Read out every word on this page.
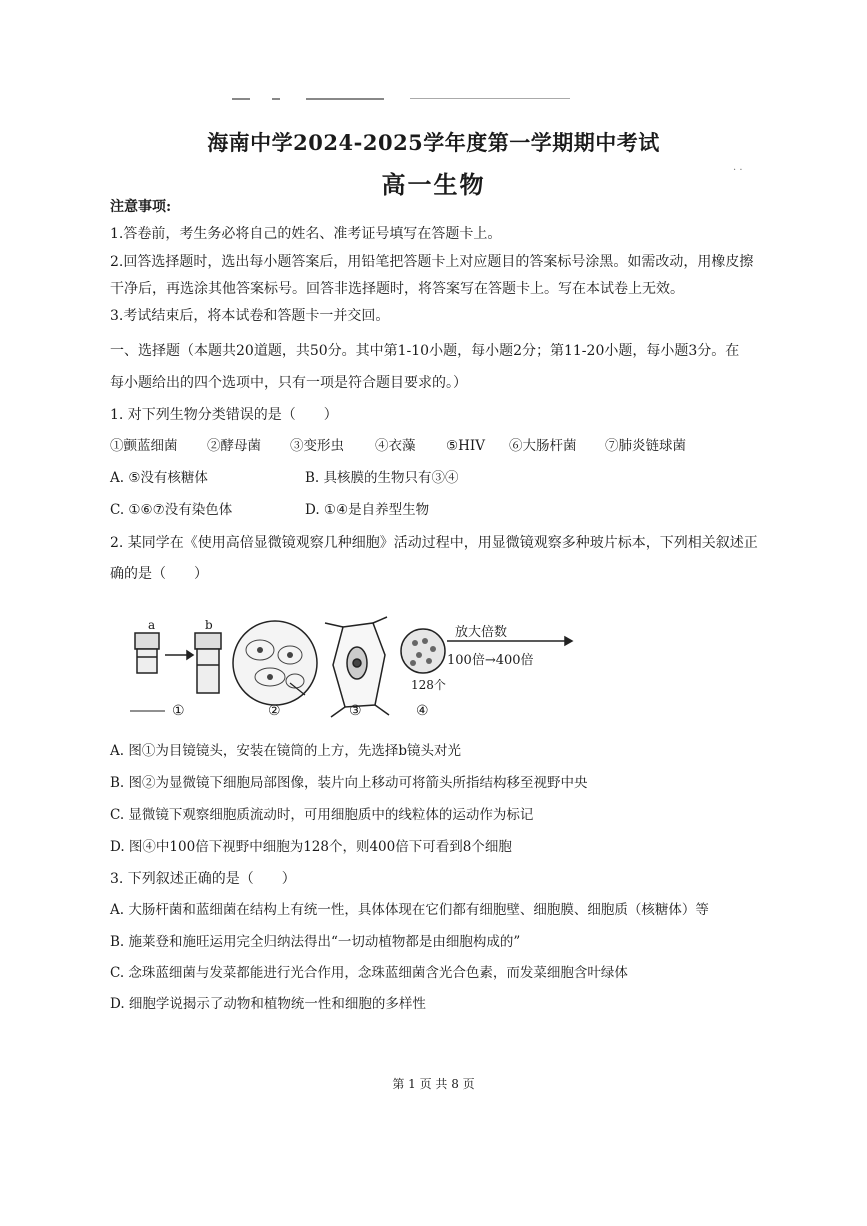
· ·
海南中学2024-2025学年度第一学期期中考试
高一生物
注意事项:
1.答卷前，考生务必将自己的姓名、准考证号填写在答题卡上。
2.回答选择题时，选出每小题答案后，用铅笔把答题卡上对应题目的答案标号涂黑。如需改动，用橡皮擦
干净后，再选涂其他答案标号。回答非选择题时，将答案写在答题卡上。写在本试卷上无效。
3.考试结束后，将本试卷和答题卡一并交回。
一、选择题（本题共20道题，共50分。其中第1-10小题，每小题2分；第11-20小题，每小题3分。在
每小题给出的四个选项中，只有一项是符合题目要求的。）
1. 对下列生物分类错误的是（　　）
①颤蓝细菌 ②酵母菌 ③变形虫 ④衣藻 ⑤HIV ⑥大肠杆菌 ⑦肺炎链球菌
A. ⑤没有核糖体	B. 具核膜的生物只有③④
C. ①⑥⑦没有染色体	D. ①④是自养型生物
2. 某同学在《使用高倍显微镜观察几种细胞》活动过程中，用显微镜观察多种玻片标本，下列相关叙述正
确的是（　　）
a	b	放大倍数
100倍→400倍
128个
①	②	③	④
A. 图①为目镜镜头，安装在镜筒的上方，先选择b镜头对光
B. 图②为显微镜下细胞局部图像，装片向上移动可将箭头所指结构移至视野中央
C. 显微镜下观察细胞质流动时，可用细胞质中的线粒体的运动作为标记
D. 图④中100倍下视野中细胞为128个，则400倍下可看到8个细胞
3. 下列叙述正确的是（　　）
A. 大肠杆菌和蓝细菌在结构上有统一性，具体体现在它们都有细胞壁、细胞膜、细胞质（核糖体）等
B. 施莱登和施旺运用完全归纳法得出“一切动植物都是由细胞构成的”
C. 念珠蓝细菌与发菜都能进行光合作用，念珠蓝细菌含光合色素，而发菜细胞含叶绿体
D. 细胞学说揭示了动物和植物统一性和细胞的多样性
第 1 页 共 8 页
